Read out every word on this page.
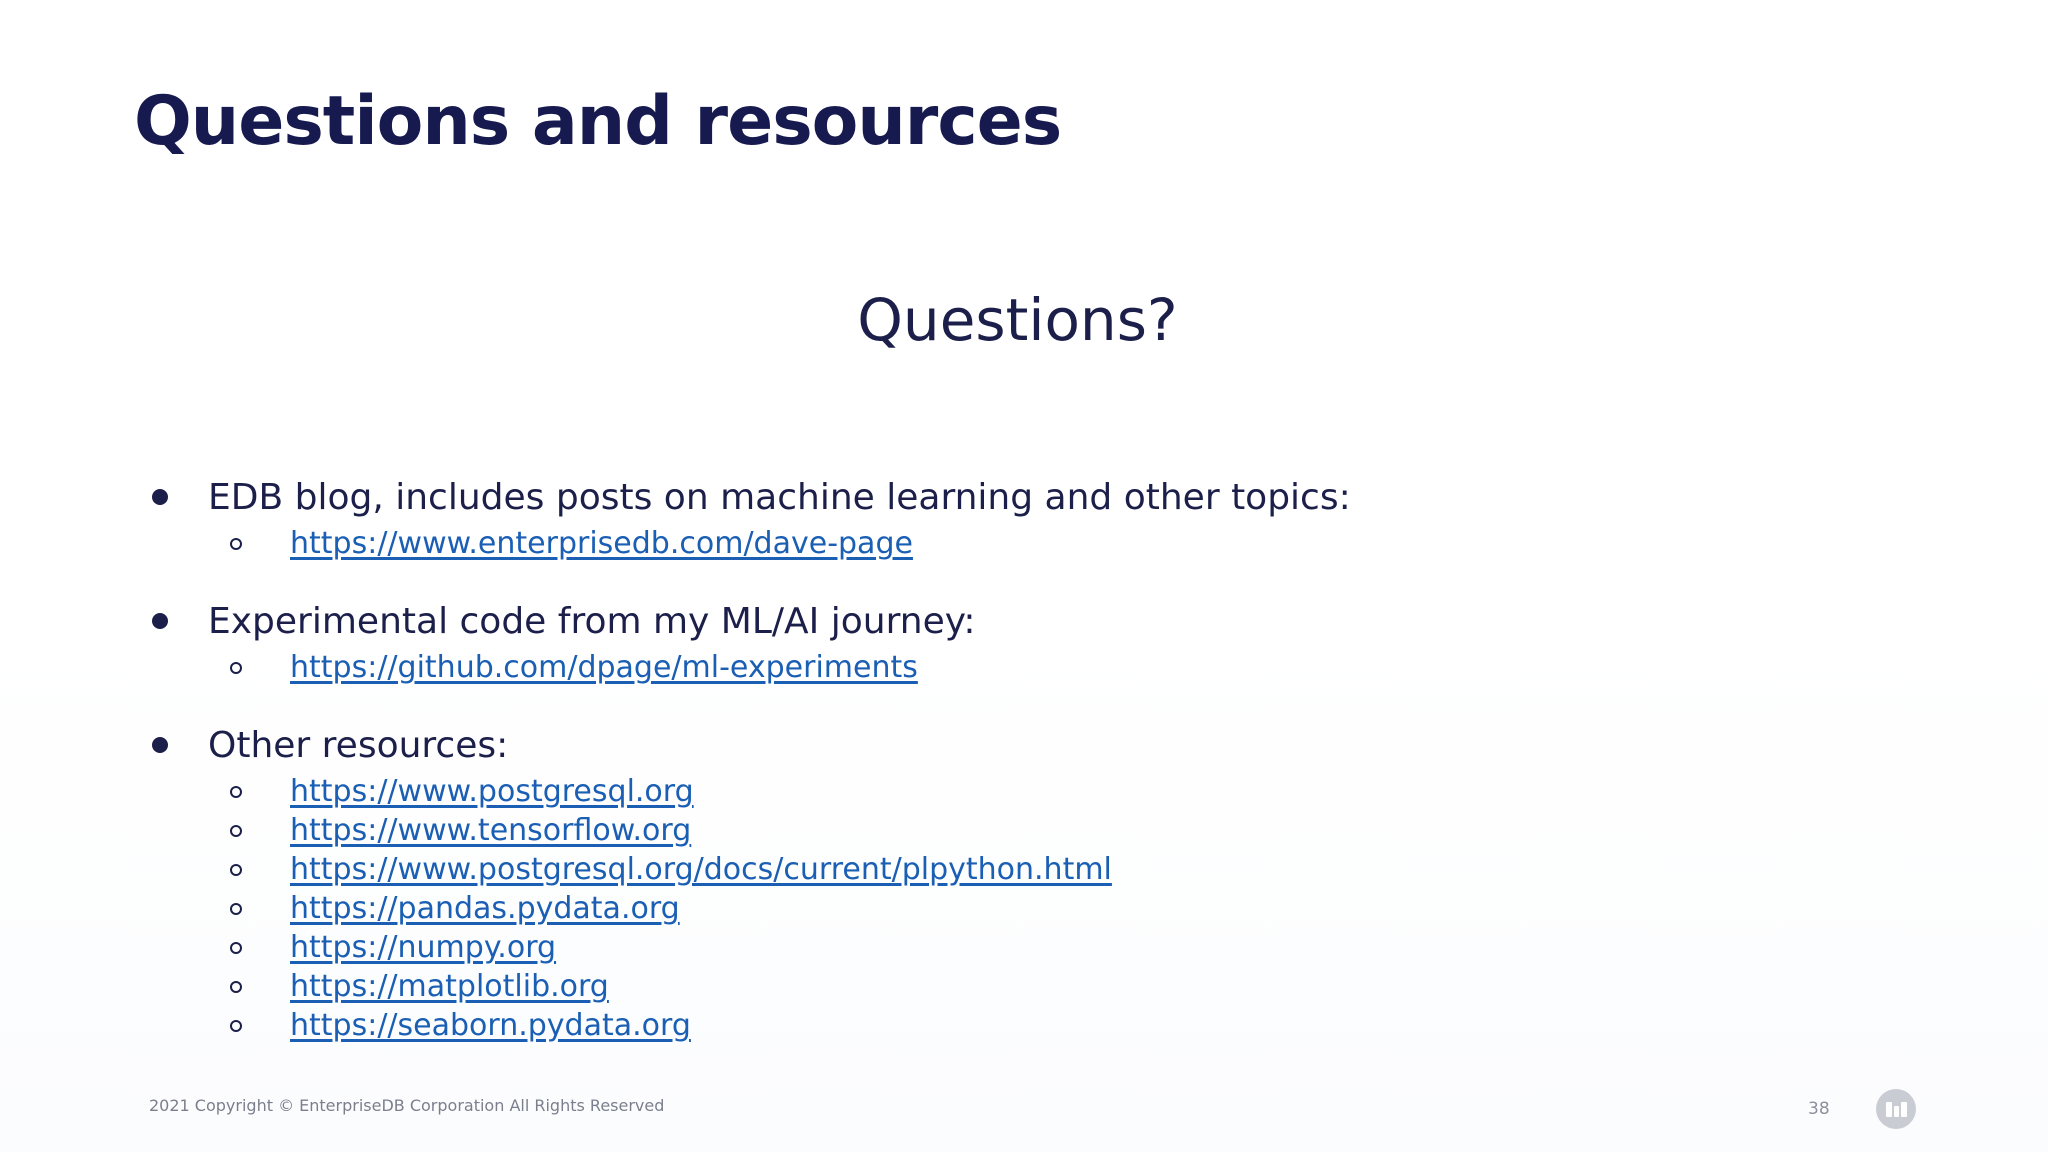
Questions and resources
Questions?
EDB blog, includes posts on machine learning and other topics:
https://www.enterprisedb.com/dave-page
Experimental code from my ML/AI journey:
https://github.com/dpage/ml-experiments
Other resources:
https://www.postgresql.org
https://www.tensorflow.org
https://www.postgresql.org/docs/current/plpython.html
https://pandas.pydata.org
https://numpy.org
https://matplotlib.org
https://seaborn.pydata.org
2021 Copyright © EnterpriseDB Corporation All Rights Reserved	38
